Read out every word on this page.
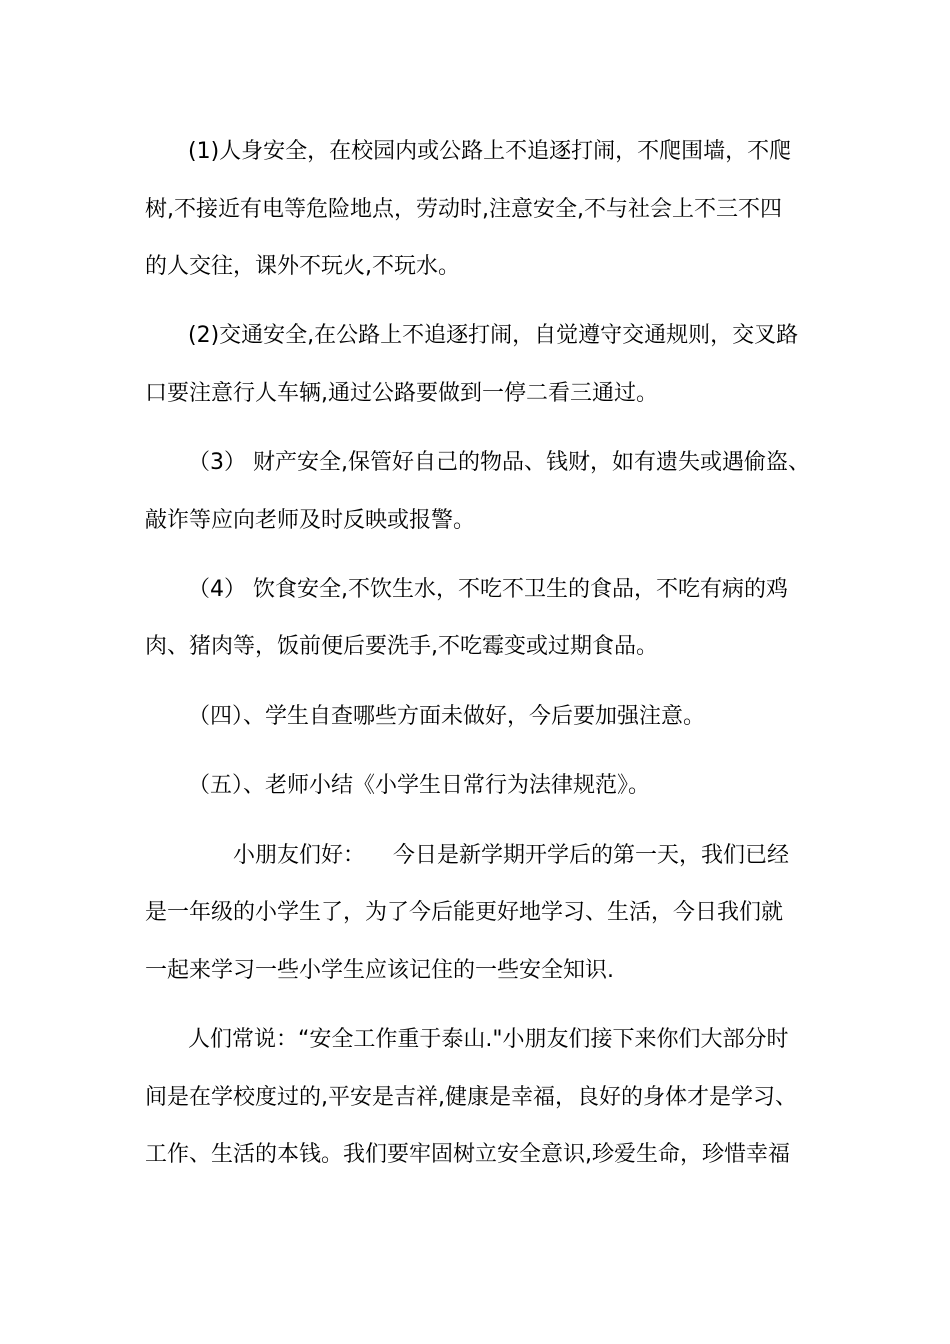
(1)人身安全，在校园内或公路上不追逐打闹，不爬围墙，不爬
树,不接近有电等危险地点，劳动时,注意安全,不与社会上不三不四
的人交往，课外不玩火,不玩水。
(2)交通安全,在公路上不追逐打闹，自觉遵守交通规则，交叉路
口要注意行人车辆,通过公路要做到一停二看三通过。
（3） 财产安全,保管好自己的物品、钱财，如有遗失或遇偷盗、
敲诈等应向老师及时反映或报警。
（4） 饮食安全,不饮生水，不吃不卫生的食品，不吃有病的鸡
肉、猪肉等，饭前便后要洗手,不吃霉变或过期食品。
（四）、学生自查哪些方面未做好，今后要加强注意。
（五）、老师小结《小学生日常行为法律规范》。
小朋友们好：    今日是新学期开学后的第一天，我们已经
是一年级的小学生了，为了今后能更好地学习、生活，今日我们就
一起来学习一些小学生应该记住的一些安全知识.
人们常说：“安全工作重于泰山."小朋友们接下来你们大部分时
间是在学校度过的,平安是吉祥,健康是幸福，良好的身体才是学习、
工作、生活的本钱。我们要牢固树立安全意识,珍爱生命，珍惜幸福
